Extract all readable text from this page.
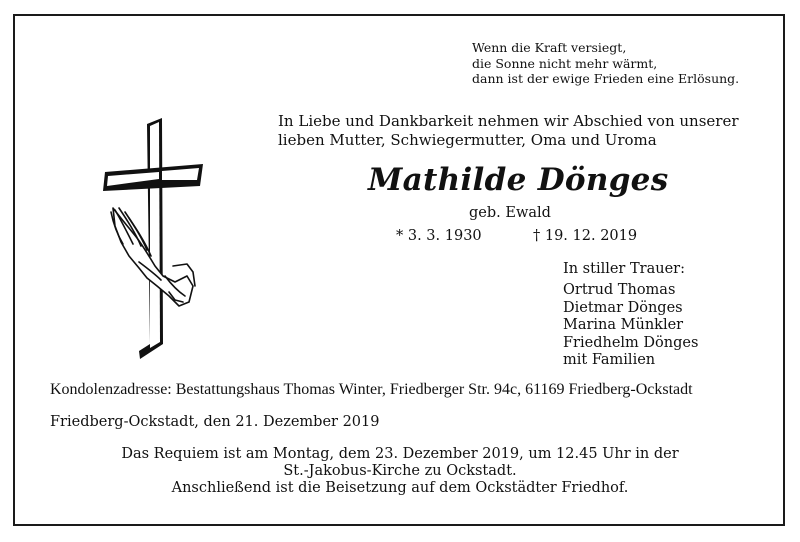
Wenn die Kraft versiegt,
die Sonne nicht mehr wärmt,
dann ist der ewige Frieden eine Erlösung.
In Liebe und Dankbarkeit nehmen wir Abschied von unserer
lieben Mutter, Schwiegermutter, Oma und Uroma
Mathilde Dönges
geb. Ewald
* 3. 3. 1930	† 19. 12. 2019
In stiller Trauer:
Ortrud Thomas
Dietmar Dönges
Marina Münkler
Friedhelm Dönges
mit Familien
Kondolenzadresse: Bestattungshaus Thomas Winter, Friedberger Str. 94c, 61169 Friedberg-Ockstadt
Friedberg-Ockstadt, den 21. Dezember 2019
Das Requiem ist am Montag, dem 23. Dezember 2019, um 12.45 Uhr in der
St.-Jakobus-Kirche zu Ockstadt.
Anschließend ist die Beisetzung auf dem Ockstädter Friedhof.
